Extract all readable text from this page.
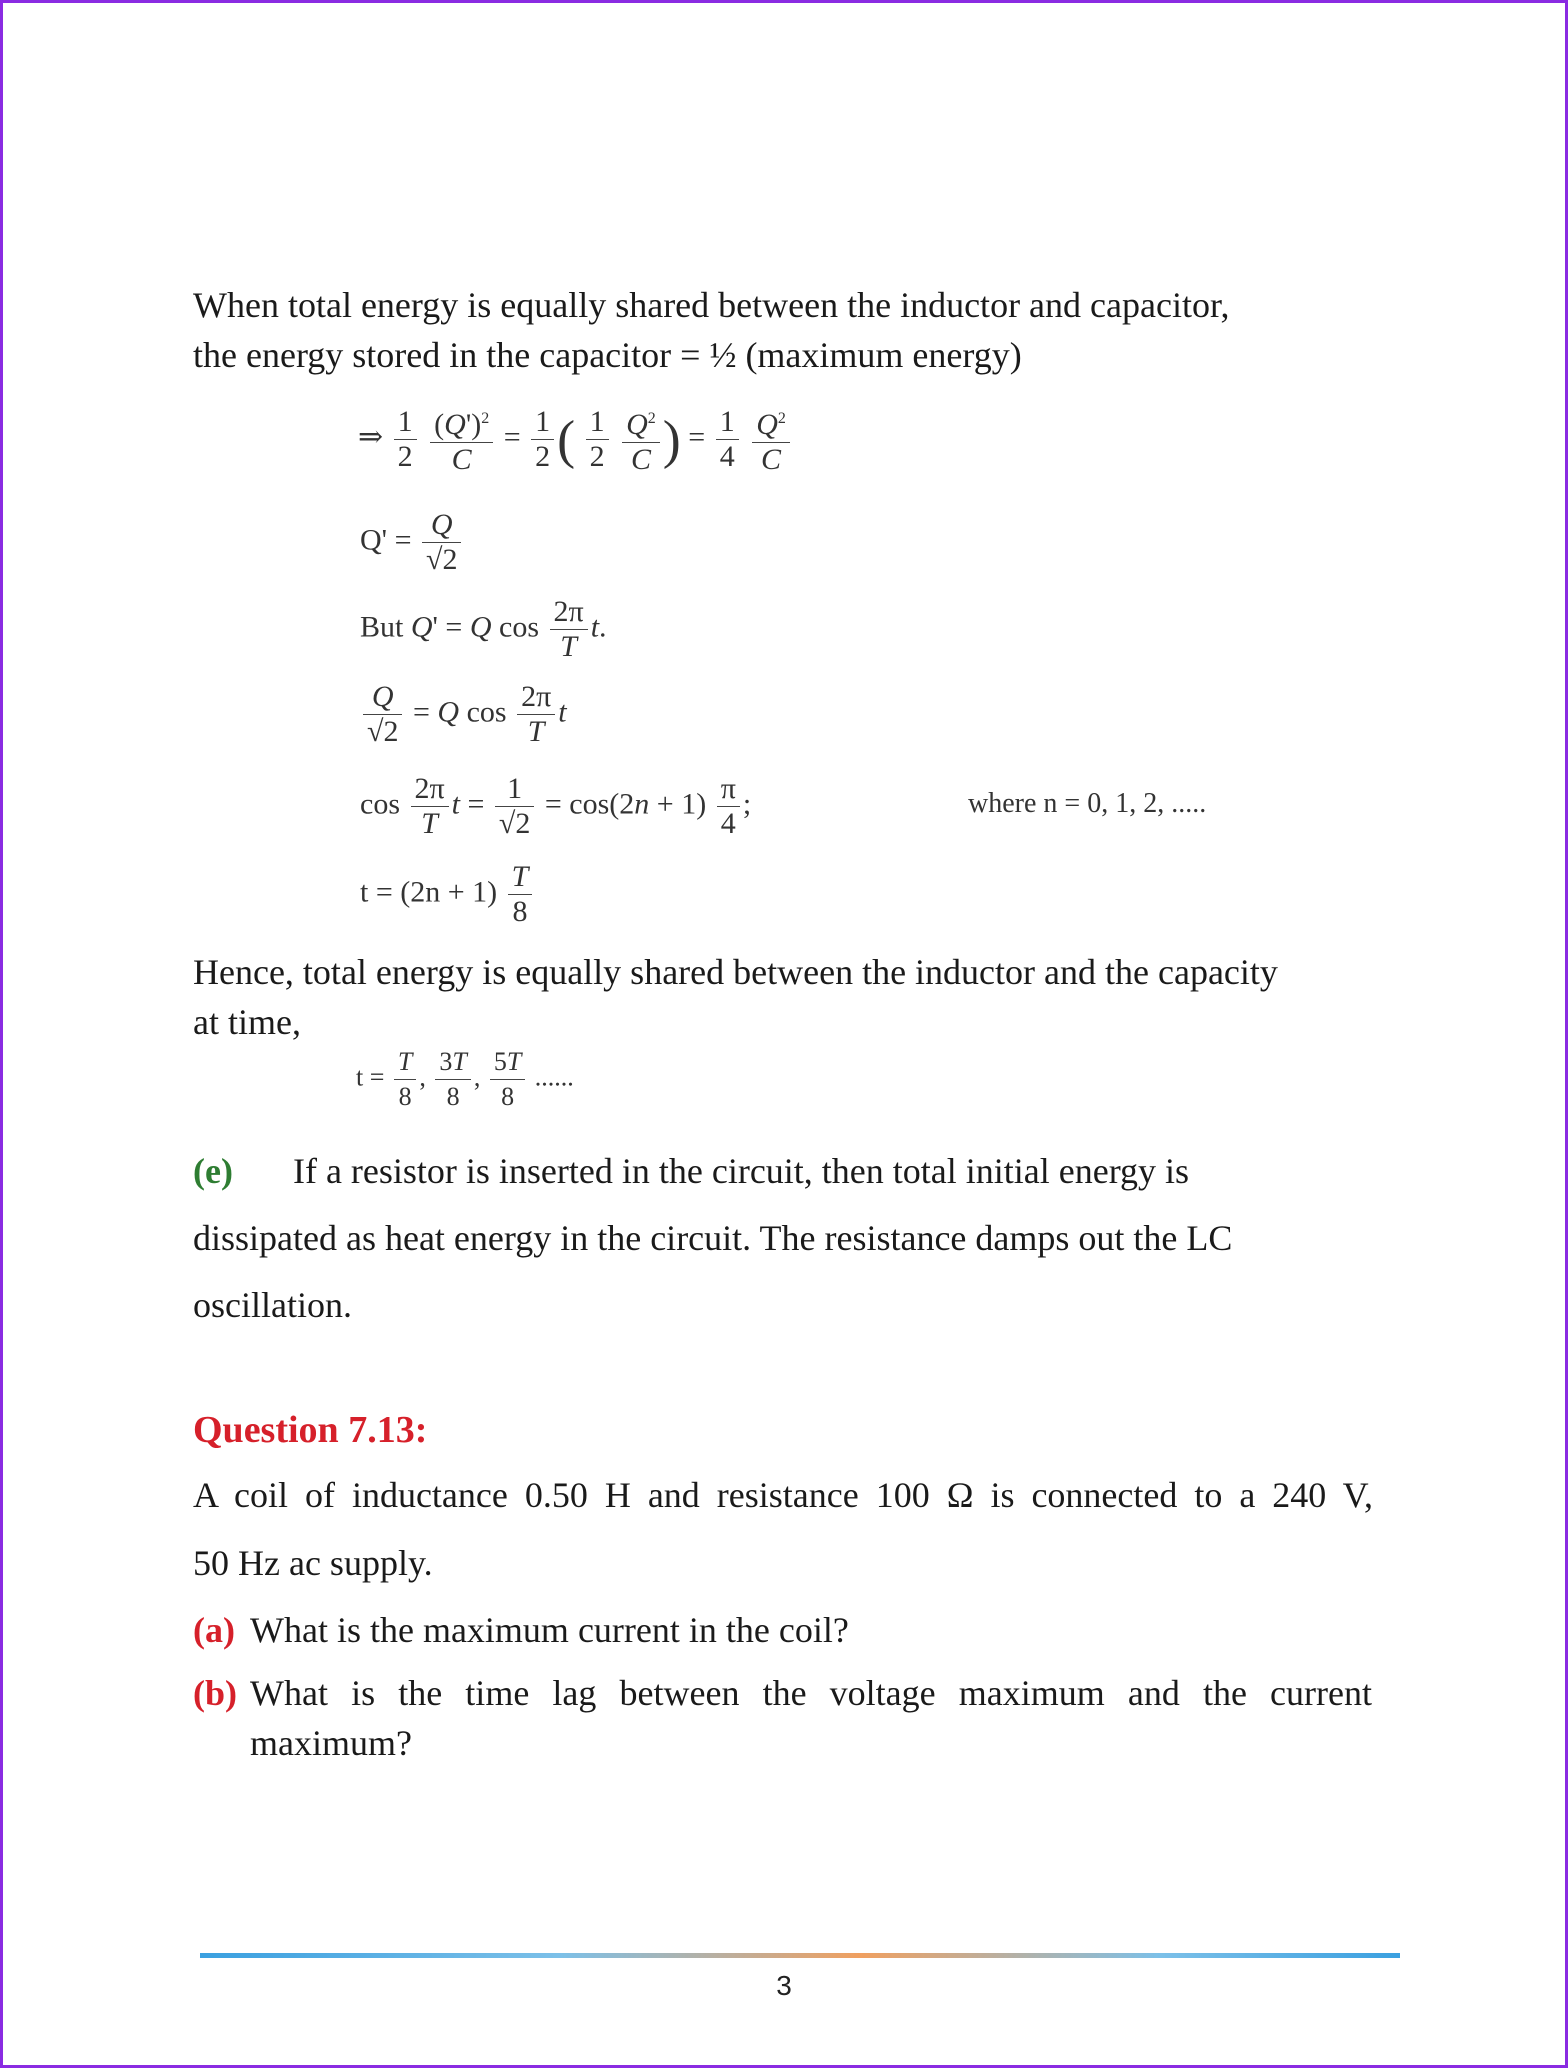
When total energy is equally shared between the inductor and capacitor,

the energy stored in the capacitor = ½ (maximum energy)

⇒ $\frac{1}{2}$
$\frac{(Q')^2}{C} = \frac{1}{2}$ ( $\frac{1}{2}$
$\frac{Q^2}{C}$ ) = $\frac{1}{4}$
$\frac{Q^2}{C}$
$Q' = \frac{Q}{√2}$
But Q' = Q $\cos \frac{2\pi}{T} t$.
$\frac{Q}{√2} = Q$ $\cos \frac{2\pi}{T}$ t
$\cos \frac{2\pi}{T}$ $t = \frac{1}{√2} = \cos(2n + 1) \frac{\pi}{4}$ ;	where n = 0, 1, 2, .....
$t = (2n + 1) \frac{T}{8}$

Hence, total energy is equally shared between the inductor and the capacity

at time,

$t = \frac{T}{8}$ , $\frac{3T}{8}$ , $\frac{5T}{8}$ ......
(e) If a resistor is inserted in the circuit, then total initial energy is

dissipated as heat energy in the circuit. The resistance damps out the LC

oscillation.

Question 7.13:

A coil of inductance 0.50 H and resistance 100 Ω is connected to a 240 V,

50 Hz ac supply.

(a) What is the maximum current in the coil?
(b) What is the time lag between the voltage maximum and the current maximum?
3
